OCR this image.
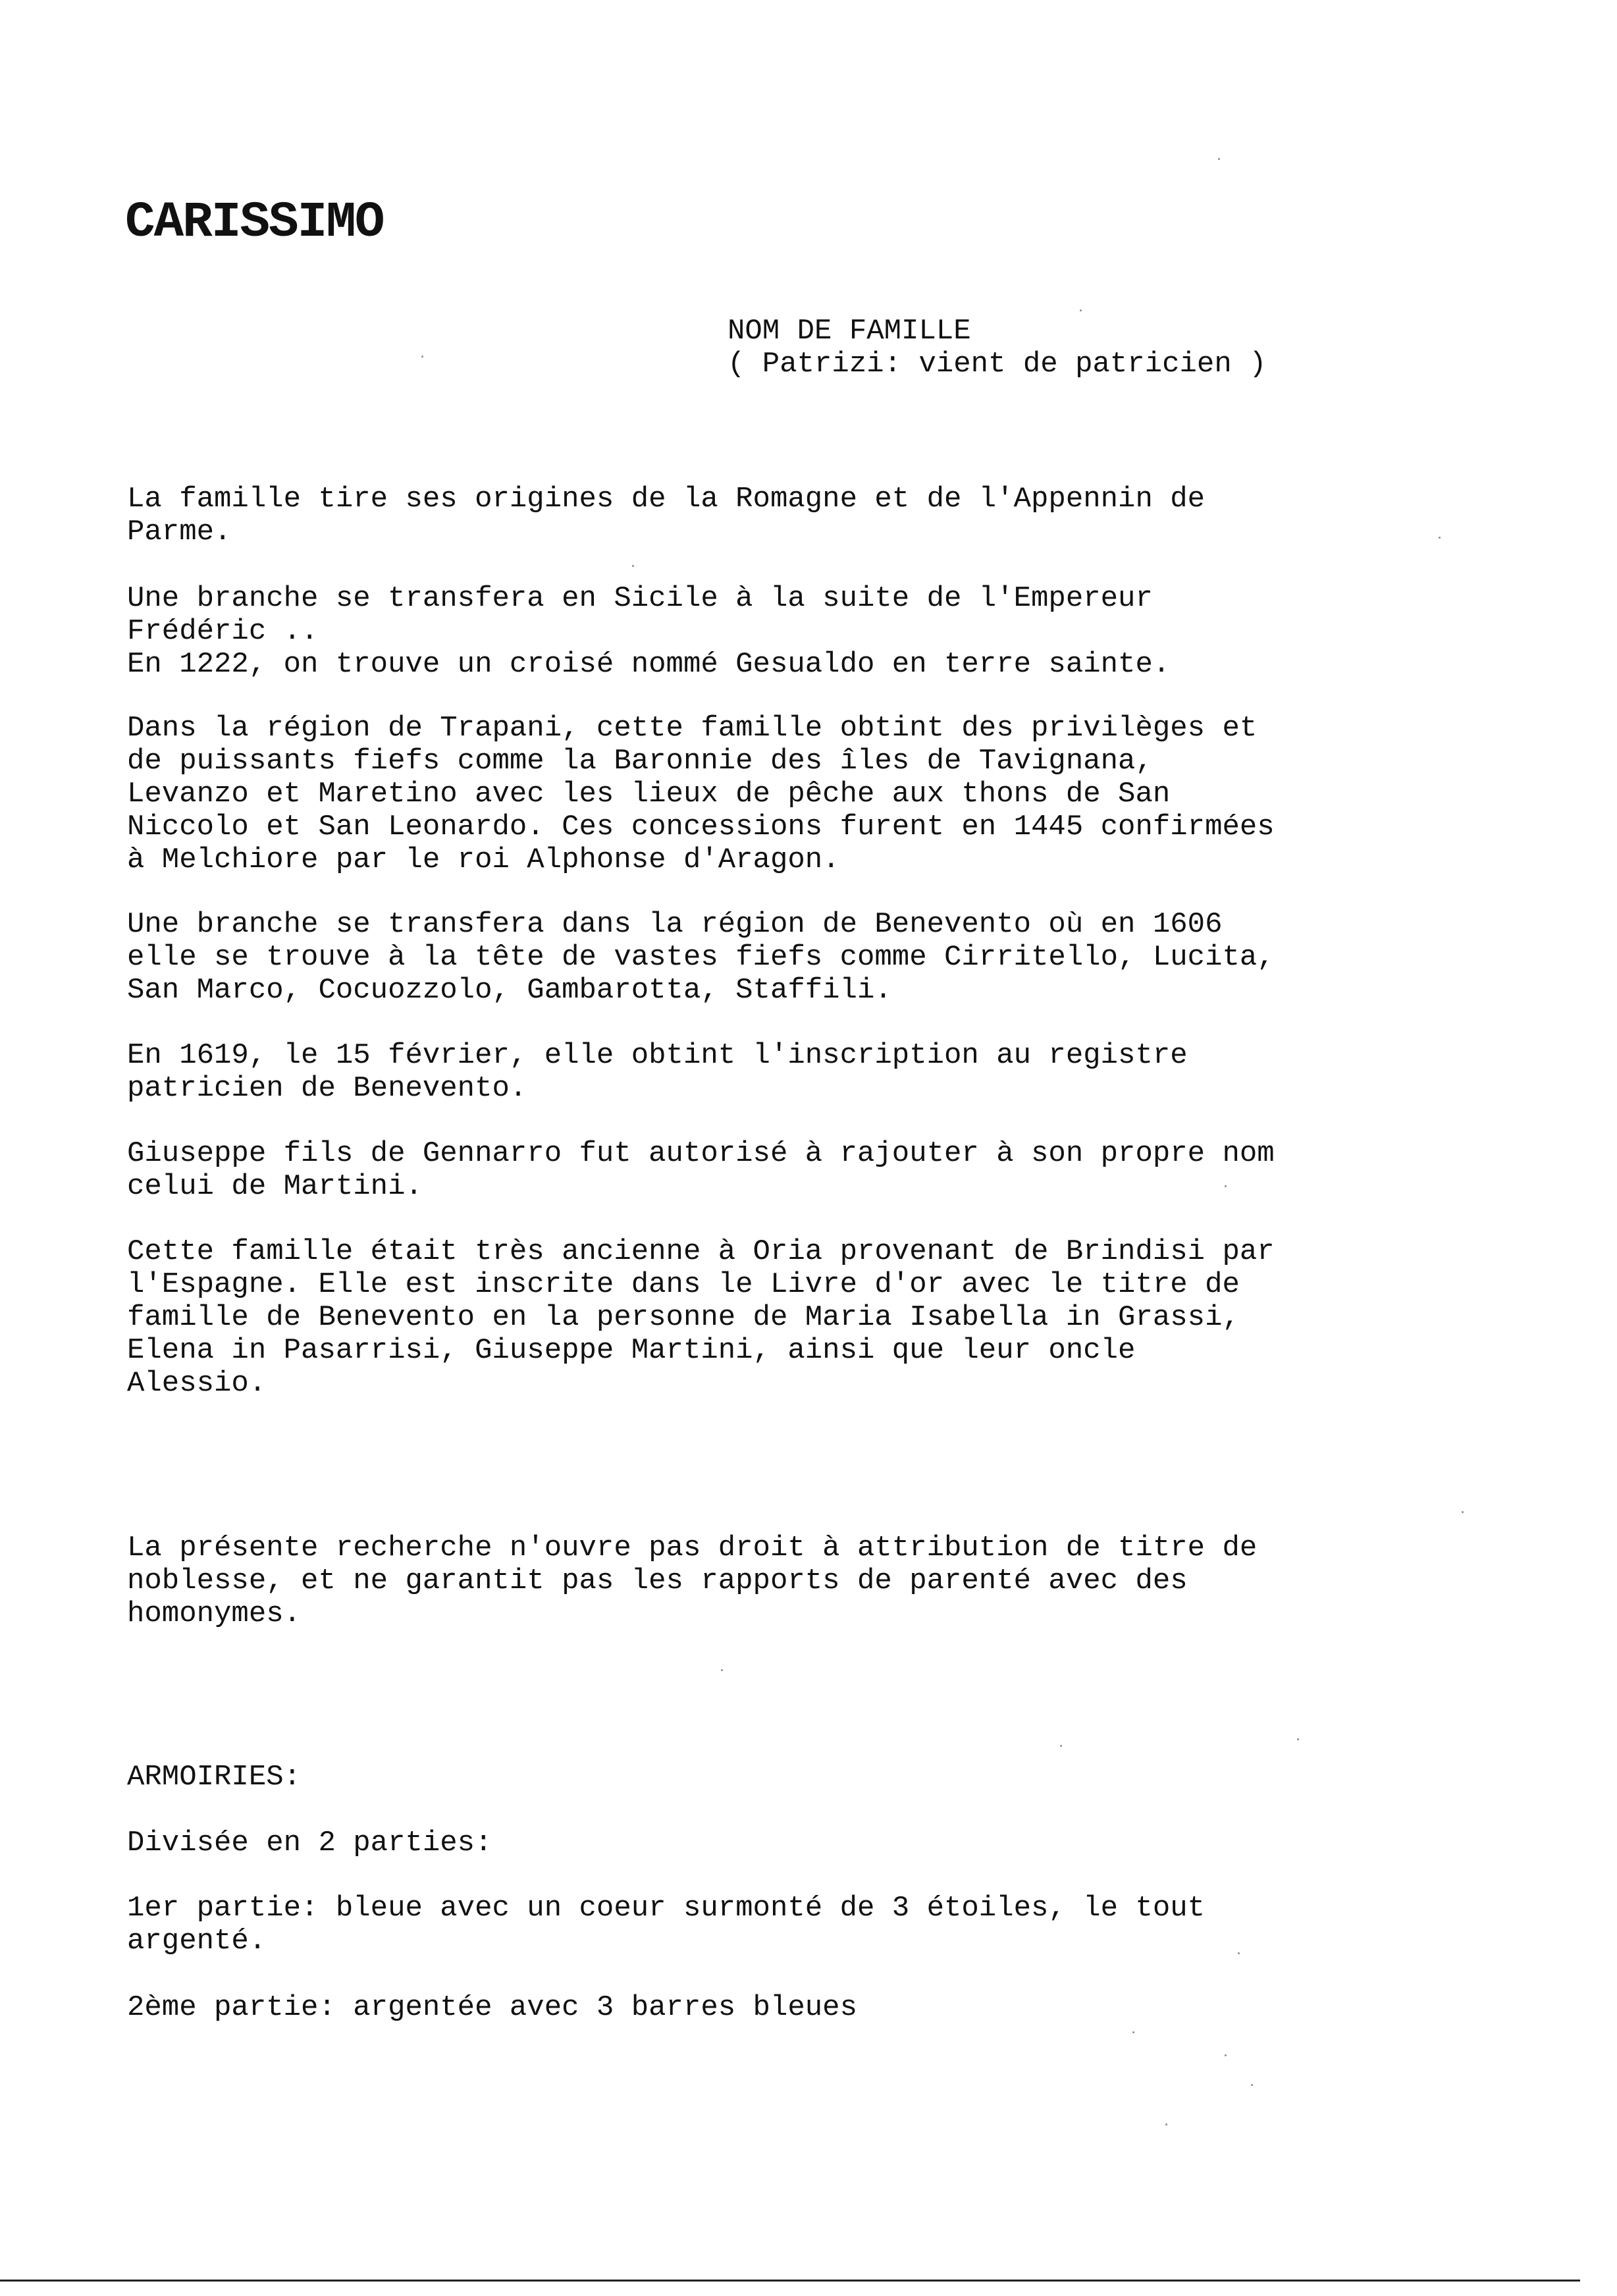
CARISSIMO
NOM DE FAMILLE
( Patrizi: vient de patricien )
La famille tire ses origines de la Romagne et de l'Appennin de
Parme.
Une branche se transfera en Sicile à la suite de l'Empereur
Frédéric ..
En 1222, on trouve un croisé nommé Gesualdo en terre sainte.
Dans la région de Trapani, cette famille obtint des privilèges et
de puissants fiefs comme la Baronnie des îles de Tavignana,
Levanzo et Maretino avec les lieux de pêche aux thons de San
Niccolo et San Leonardo. Ces concessions furent en 1445 confirmées
à Melchiore par le roi Alphonse d'Aragon.
Une branche se transfera dans la région de Benevento où en 1606
elle se trouve à la tête de vastes fiefs comme Cirritello, Lucita,
San Marco, Cocuozzolo, Gambarotta, Staffili.
En 1619, le 15 février, elle obtint l'inscription au registre
patricien de Benevento.
Giuseppe fils de Gennarro fut autorisé à rajouter à son propre nom
celui de Martini.
Cette famille était très ancienne à Oria provenant de Brindisi par
l'Espagne. Elle est inscrite dans le Livre d'or avec le titre de
famille de Benevento en la personne de Maria Isabella in Grassi,
Elena in Pasarrisi, Giuseppe Martini, ainsi que leur oncle
Alessio.
La présente recherche n'ouvre pas droit à attribution de titre de
noblesse, et ne garantit pas les rapports de parenté avec des
homonymes.
ARMOIRIES:
Divisée en 2 parties:
1er partie: bleue avec un coeur surmonté de 3 étoiles, le tout
argenté.
2ème partie: argentée avec 3 barres bleues
